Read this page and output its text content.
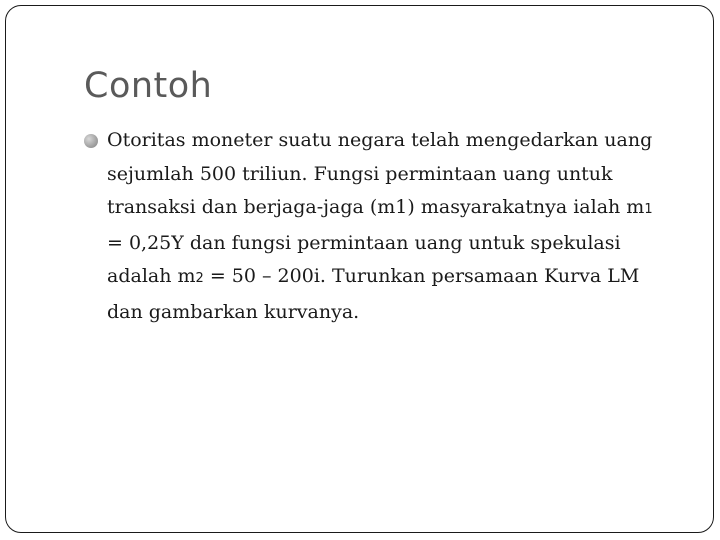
Contoh
Otoritas moneter suatu negara telah mengedarkan uang sejumlah 500 triliun. Fungsi permintaan uang untuk transaksi dan berjaga-jaga (m1) masyarakatnya ialah m1 = 0,25Y dan fungsi permintaan uang untuk spekulasi adalah m2 = 50 – 200i. Turunkan persamaan Kurva LM dan gambarkan kurvanya.
